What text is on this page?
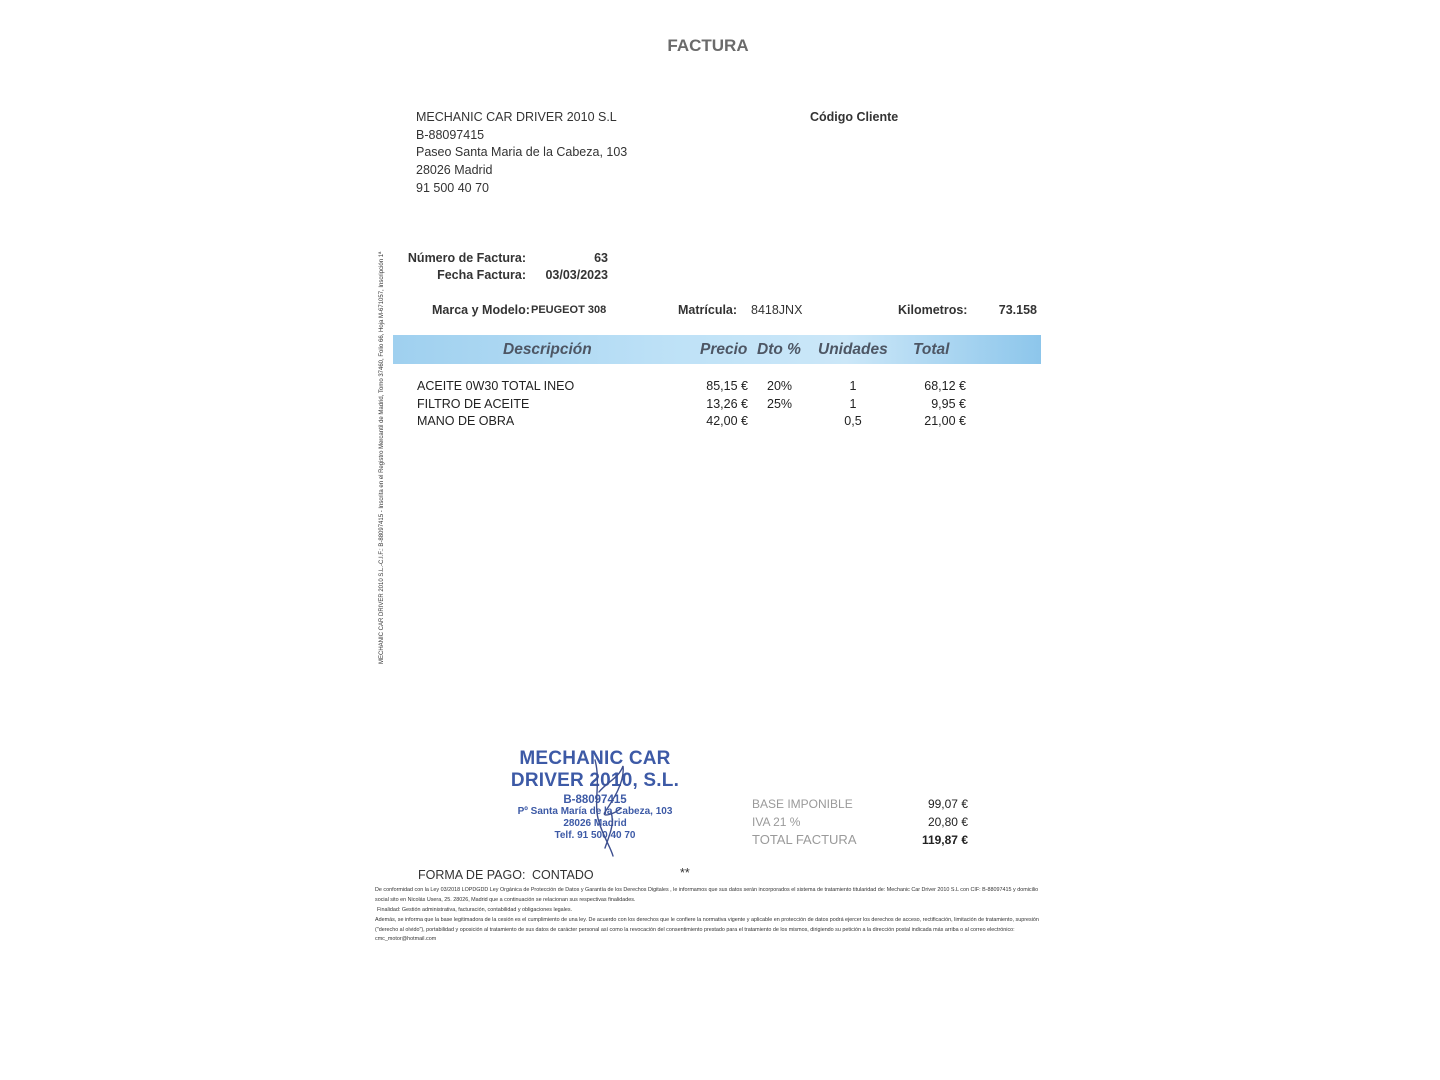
FACTURA
MECHANIC CAR DRIVER 2010 S.L
B-88097415
Paseo Santa Maria de la Cabeza, 103
28026 Madrid
91 500 40 70
Código Cliente
MECHANIC CAR DRIVER 2010 S.L.-C.I.F.: B-88097415 - Inscrita en el Registro Mercantil de Madrid, Tomo 37460, Folio 66, Hoja M-671057, Inscripción 1ª	Número de Factura:	63
Fecha Factura:	03/03/2023
Marca y Modelo: PEUGEOT 308	Matrícula: 8418JNX	Kilometros:	73.158
Descripción	Precio Dto % Unidades Total
ACEITE 0W30 TOTAL INEO	85,15 € 20%	1	68,12 €
FILTRO DE ACEITE	13,26 € 25%	1	9,95 €
MANO DE OBRA	42,00 €	0,5	21,00 €
MECHANIC CAR
DRIVER 2010, S.L.
B-88097415
Pº Santa María de la Cabeza, 103
28026 Madrid
Telf. 91 500 40 70
BASE IMPONIBLE	99,07 €
IVA 21 %	20,80 €
TOTAL FACTURA	119,87 €
FORMA DE PAGO: CONTADO	**
De conformidad con la Ley 03/2018 LOPDGDD Ley Orgánica de Protección de Datos y Garantía de los Derechos Digitales , le informamos que sus datos serán incorporados el sistema de tratamiento titularidad de: Mechanic Car Driver 2010 S.L con CIF: B-88097415 y domicilio social sito en Nicolás Usera, 25. 28026, Madrid que a continuación se relacionan sus respectivas finalidades.
Finalidad: Gestión administrativa, facturación, contabilidad y obligaciones legales.
Además, se informa que la base legitimadora de la cesión es el cumplimiento de una ley. De acuerdo con los derechos que le confiere la normativa vigente y aplicable en protección de datos podrá ejercer los derechos de acceso, rectificación, limitación de tratamiento, supresión ("derecho al olvido"), portabilidad y oposición al tratamiento de sus datos de carácter personal así como la revocación del consentimiento prestado para el tratamiento de los mismos, dirigiendo su petición a la dirección postal indicada más arriba o al correo electrónico: cmc_motor@hotmail.com
